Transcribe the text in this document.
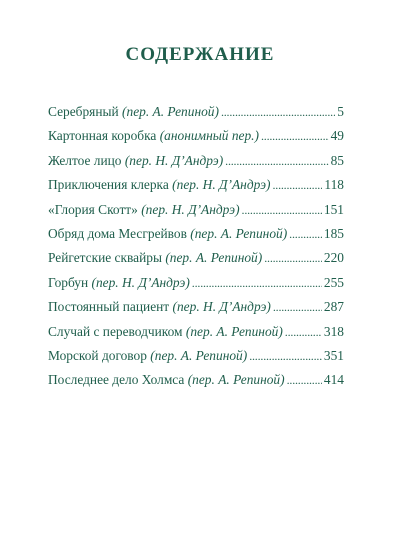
СОДЕРЖАНИЕ
Серебряный (пер. А. Репиной) . . .	5
Картонная коробка (анонимный пер.) . . .	49
Желтое лицо (пер. Н. Д’Андрэ) . . .	85
Приключения клерка (пер. Н. Д’Андрэ) . . .	118
«Глория Скотт» (пер. Н. Д’Андрэ) . . .	151
Обряд дома Месгрейвов (пер. А. Репиной) . . .	185
Рейгетские сквайры (пер. А. Репиной) . . .	220
Горбун (пер. Н. Д’Андрэ) . . .	255
Постоянный пациент (пер. Н. Д’Андрэ) . . .	287
Случай с переводчиком (пер. А. Репиной) . . .	318
Морской договор (пер. А. Репиной) . . .	351
Последнее дело Холмса (пер. А. Репиной) . . .	414
